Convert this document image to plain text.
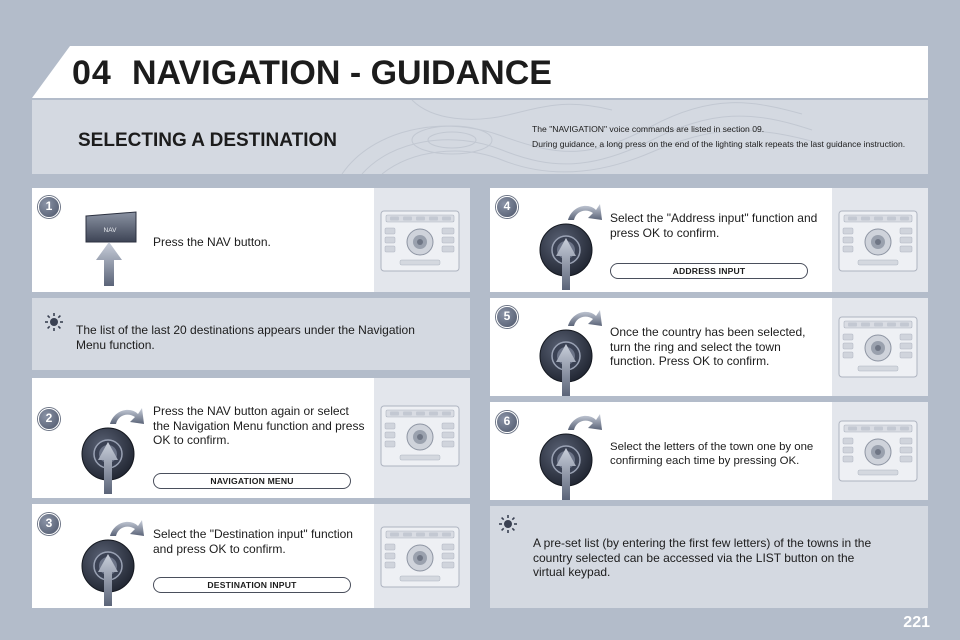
04 NAVIGATION - GUIDANCE
SELECTING A DESTINATION

The "NAVIGATION" voice commands are listed in section 09.

During guidance, a long press on the end of the lighting stalk repeats the last guidance instruction.

1
NAV
Press the NAV button.
The list of the last 20 destinations appears under the Navigation Menu function.
2	Press the NAV button again or select the Navigation Menu function and press OK to confirm.
NAVIGATION MENU
3
Select the "Destination input" function and press OK to confirm.
DESTINATION INPUT
4
Select the "Address input" function and press OK to confirm.
ADDRESS INPUT
5
Once the country has been selected, turn the ring and select the town function. Press OK to confirm.
6
Select the letters of the town one by one confirming each time by pressing OK.
A pre-set list (by entering the first few letters) of the towns in the country selected can be accessed via the LIST button on the virtual keypad.
221
